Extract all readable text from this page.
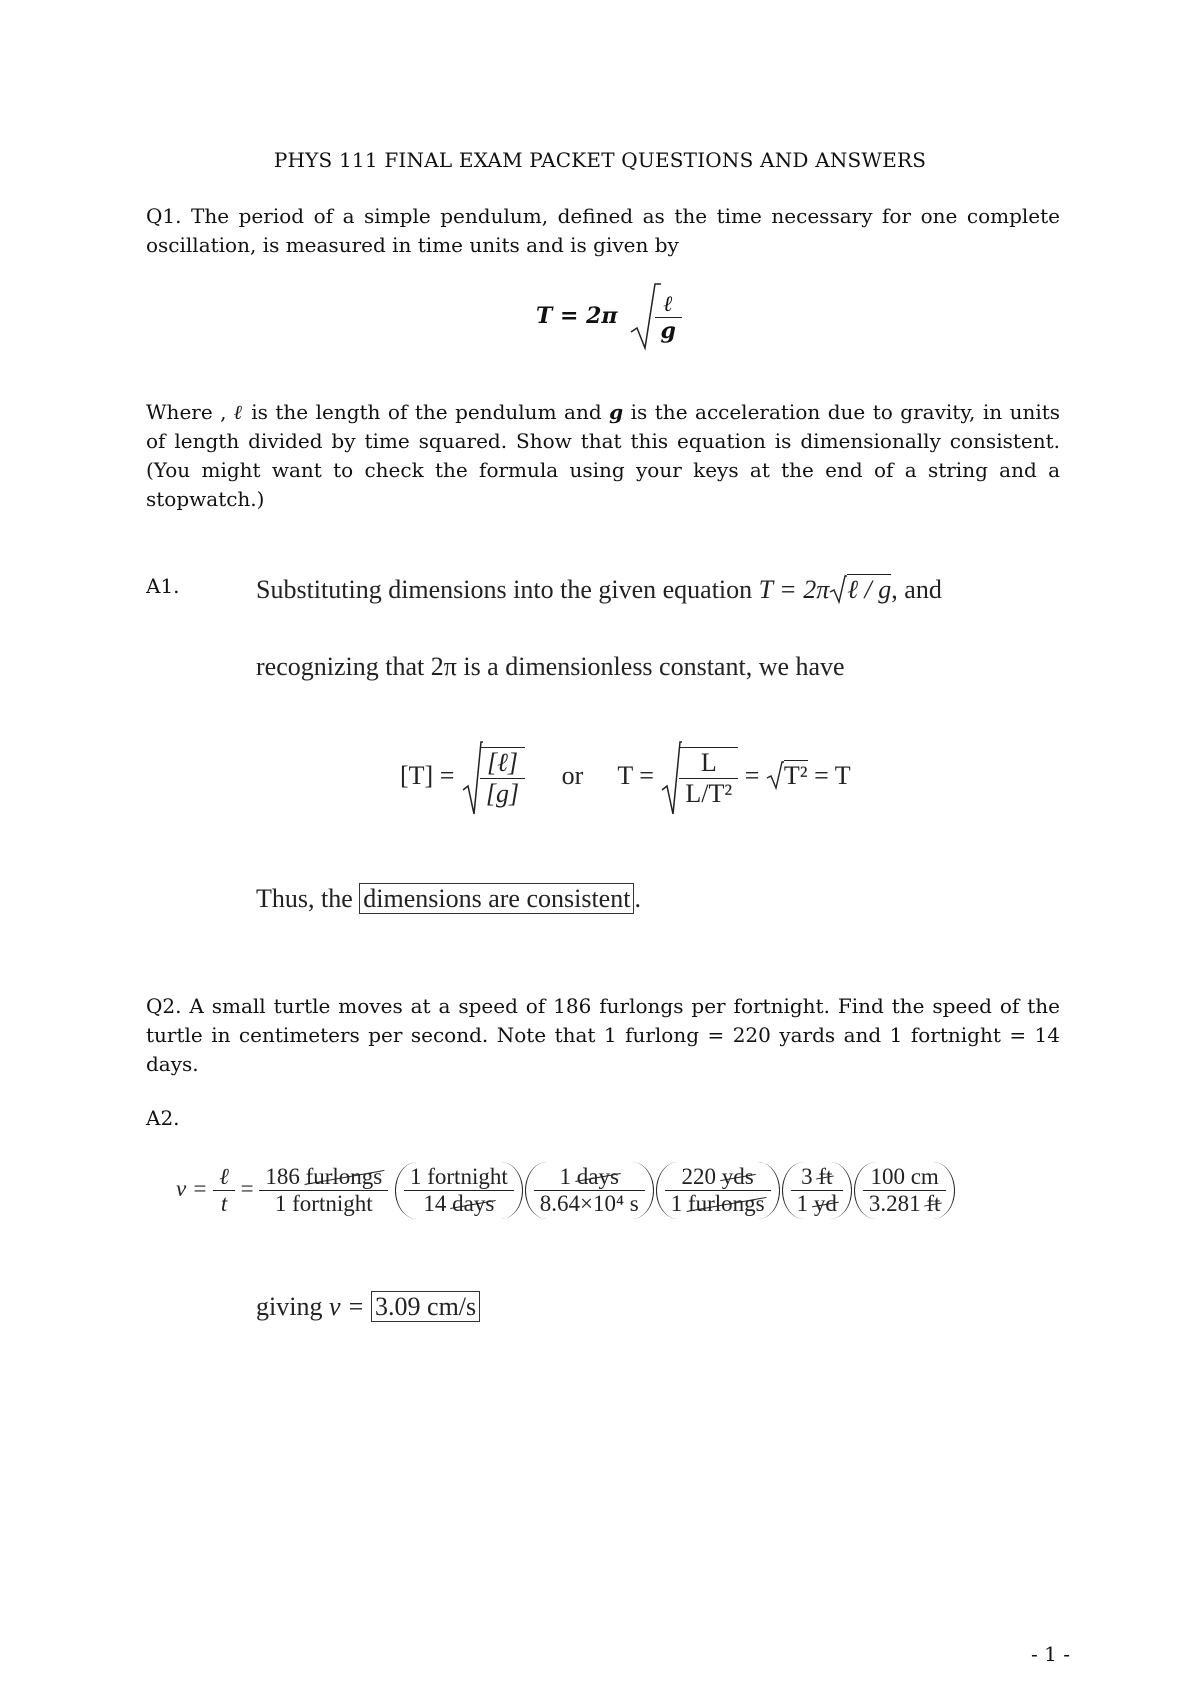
PHYS 111 FINAL EXAM PACKET QUESTIONS AND ANSWERS
Q1. The period of a simple pendulum, defined as the time necessary for one complete oscillation, is measured in time units and is given by
$T = 2\pi \frac{\text{ℓ}}{g}$
Where , ℓ is the length of the pendulum and g is the acceleration due to gravity, in units of length divided by time squared. Show that this equation is dimensionally consistent. (You might want to check the formula using your keys at the end of a string and a stopwatch.)
A1.	Substituting dimensions into the given equation T = 2π ℓ / g, and
recognizing that 2π is a dimensionless constant, we have
$[T] = \frac{\text{[ℓ]}}{[g]}$ or $T = \frac{L}{\text{L/T²}} = T^2 = T$
Thus, the dimensions are consistent .
Q2. A small turtle moves at a speed of 186 furlongs per fortnight. Find the speed of the turtle in centimeters per second. Note that 1 furlong = 220 yards and 1 fortnight = 14 days.
A2.
$v = \frac{\text{ℓ}}{t} = \frac{\text{186 furlongs}}{\text{1 fortnight}}$
$\frac{\text{1 fortnight}}{\text{14 days}} \frac{\text{1 days}}{\text{8.64×10⁴ s}} \frac{\text{220 yds}}{\text{1 furlongs}} \frac{3 ft}{1 yd} \frac{100 cm}{3.281 ft}$
giving v = 3.09 cm/s
- 1 -
